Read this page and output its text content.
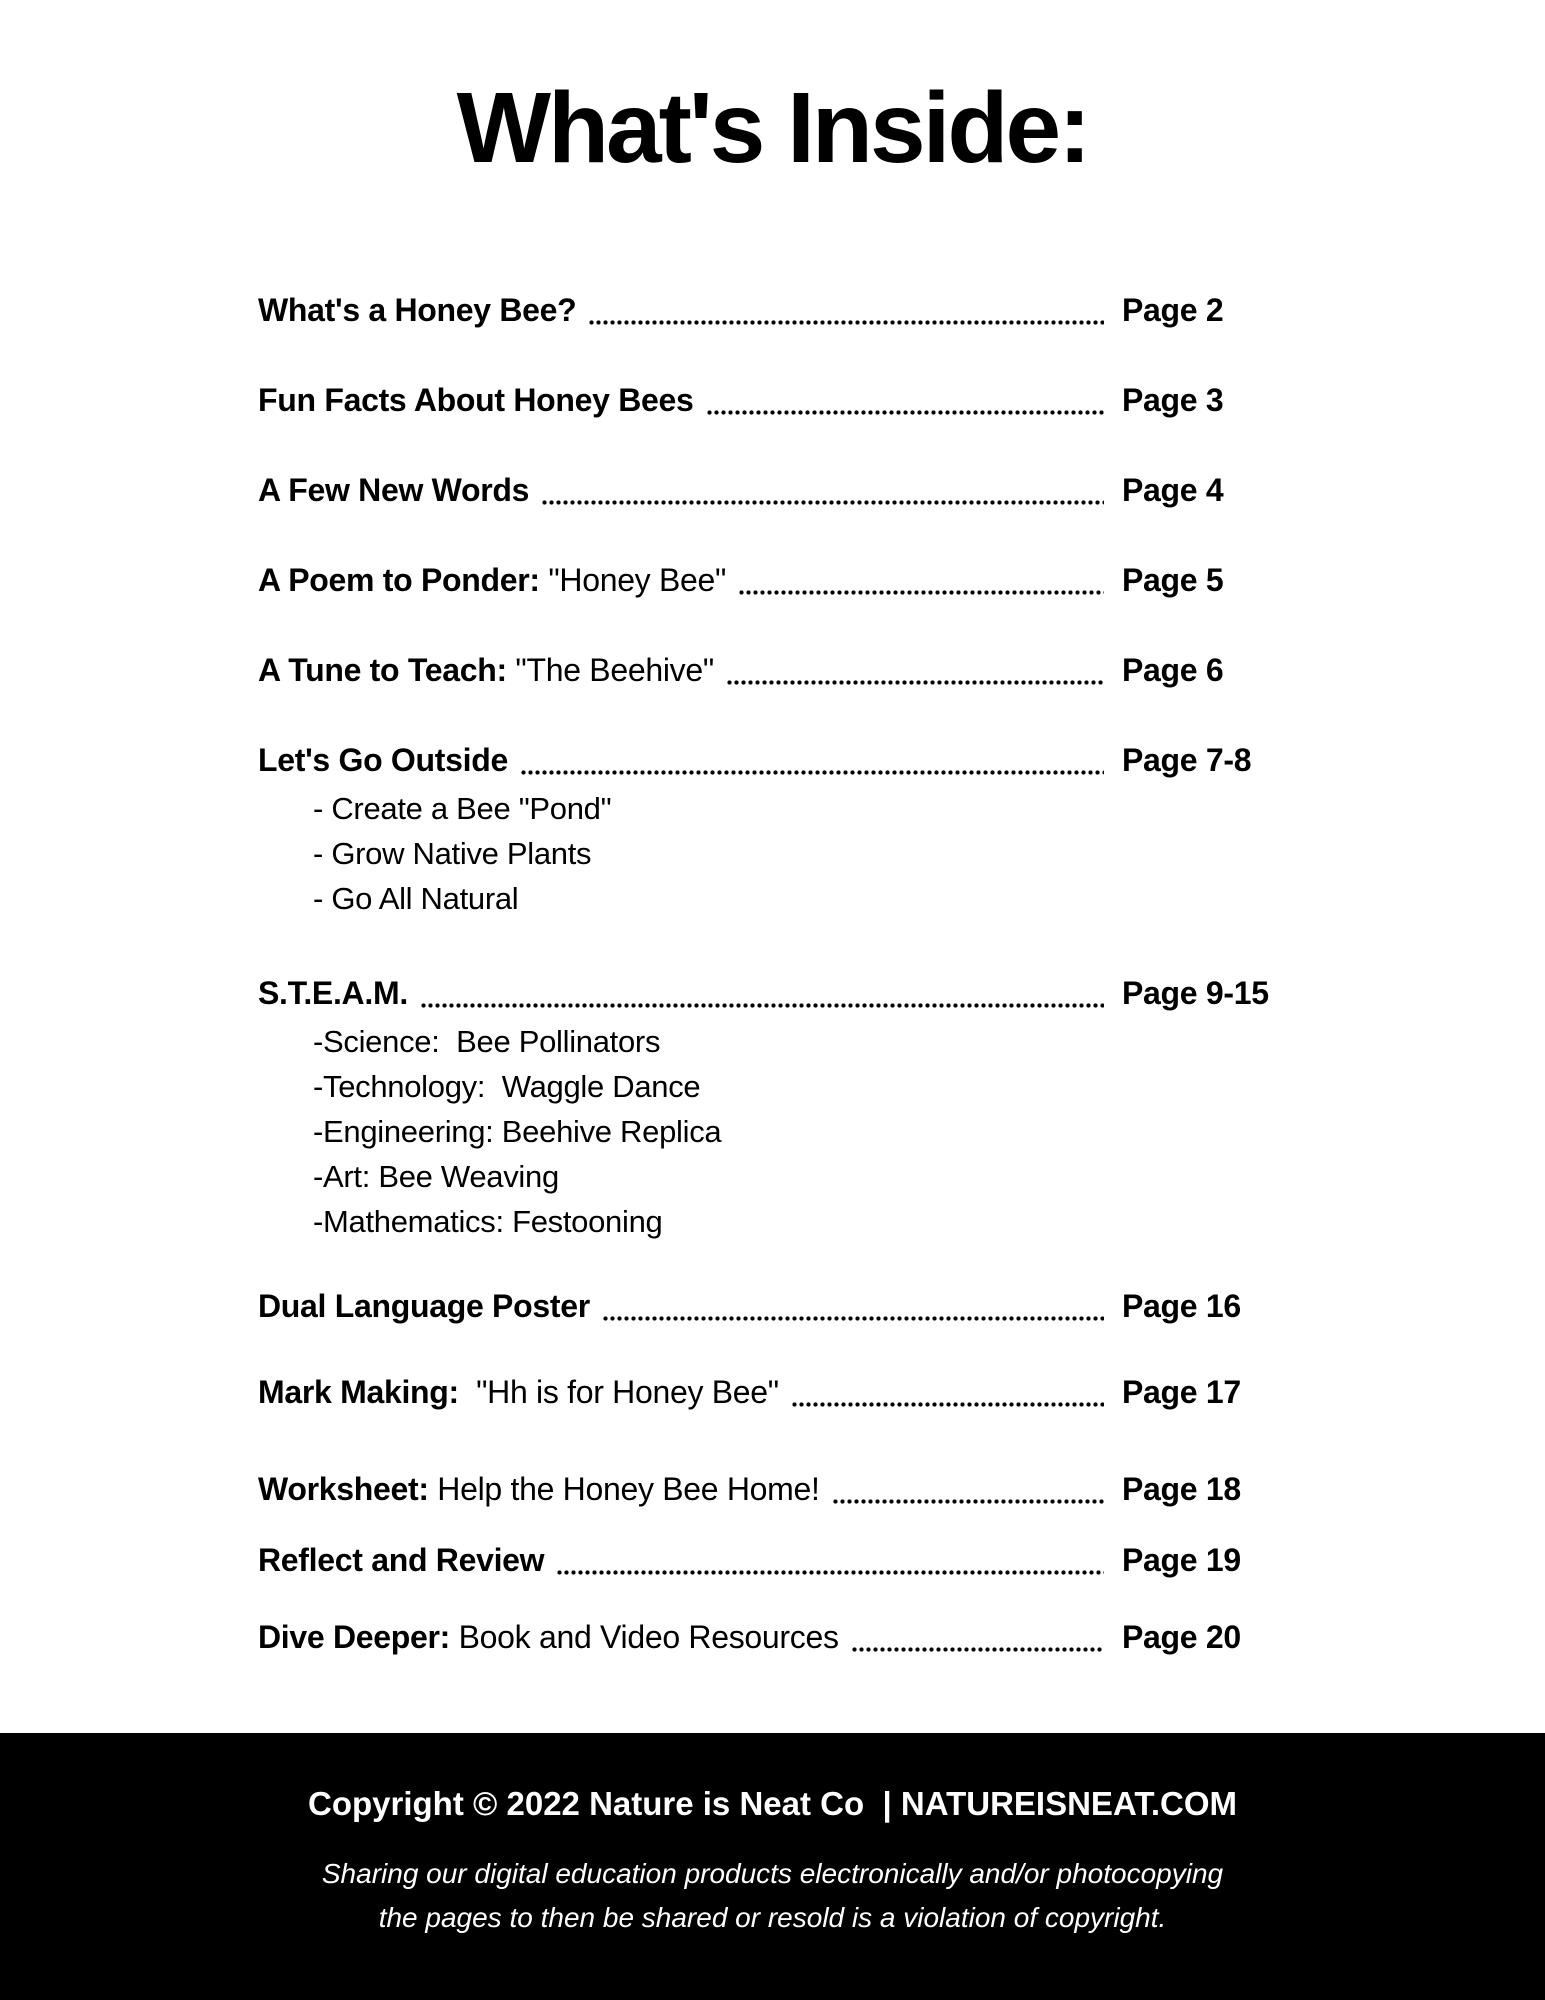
What's Inside:
What's a Honey Bee?	Page 2
Fun Facts About Honey Bees	Page 3
A Few New Words	Page 4
A Poem to Ponder: "Honey Bee"	Page 5
A Tune to Teach: "The Beehive"	Page 6
Let's Go Outside	Page 7-8
- Create a Bee "Pond"
- Grow Native Plants
- Go All Natural
S.T.E.A.M.	Page 9-15
-Science:  Bee Pollinators
-Technology:  Waggle Dance
-Engineering: Beehive Replica
-Art: Bee Weaving
-Mathematics: Festooning
Dual Language Poster	Page 16
Mark Making:  "Hh is for Honey Bee"	Page 17
Worksheet: Help the Honey Bee Home!	Page 18
Reflect and Review	Page 19
Dive Deeper: Book and Video Resources	Page 20
Copyright © 2022 Nature is Neat Co  | NATUREISNEAT.COM
Sharing our digital education products electronically and/or photocopying
the pages to then be shared or resold is a violation of copyright.
